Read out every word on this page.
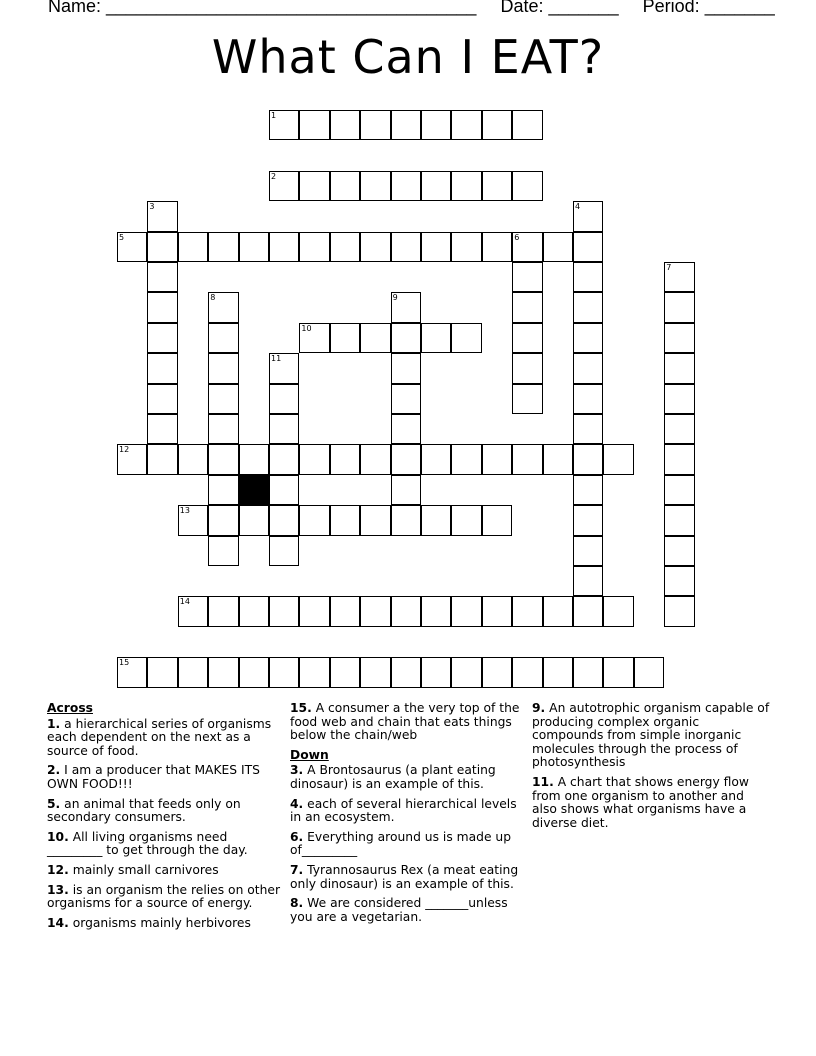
Name: _____________________________________ Date: _______ Period: _______
What Can I EAT?
1
2
3	4
5	6
7
8	9
10
11
12
13
14
15
Across
1. a hierarchical series of organisms each dependent on the next as a source of food.
2. I am a producer that MAKES ITS OWN FOOD!!!
5. an animal that feeds only on secondary consumers.
10. All living organisms need _________ to get through the day.
12. mainly small carnivores
13. is an organism the relies on other organisms for a source of energy.
14. organisms mainly herbivores
15. A consumer a the very top of the food web and chain that eats things below the chain/web
Down
3. A Brontosaurus (a plant eating dinosaur) is an example of this.
4. each of several hierarchical levels in an ecosystem.
6. Everything around us is made up of_________
7. Tyrannosaurus Rex (a meat eating only dinosaur) is an example of this.
8. We are considered _______unless you are a vegetarian.
9. An autotrophic organism capable of producing complex organic compounds from simple inorganic molecules through the process of photosynthesis
11. A chart that shows energy flow from one organism to another and also shows what organisms have a diverse diet.
